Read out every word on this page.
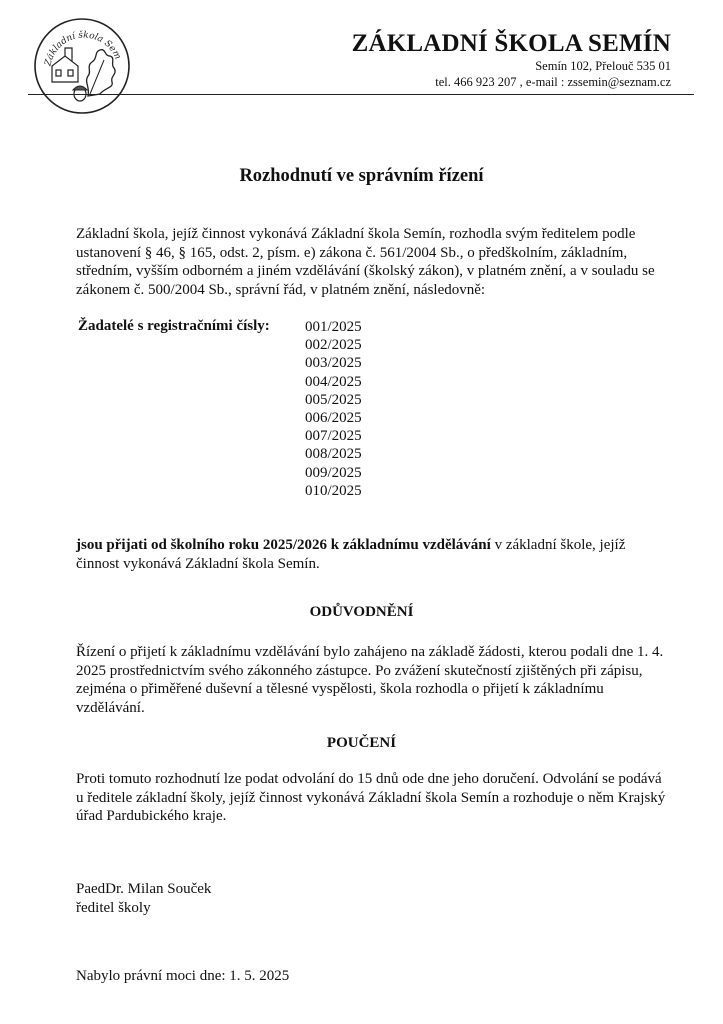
Základní škola Sem	ZÁKLADNÍ ŠKOLA SEMÍN
Semín 102, Přelouč 535 01
tel. 466 923 207 , e-mail : zssemin@seznam.cz
Rozhodnutí ve správním řízení
Základní škola, jejíž činnost vykonává Základní škola Semín, rozhodla svým ředitelem podle ustanovení § 46, § 165, odst. 2, písm. e) zákona č. 561/2004 Sb., o předškolním, základním, středním, vyšším odborném a jiném vzdělávání (školský zákon), v platném znění, a v souladu se zákonem č. 500/2004 Sb., správní řád, v platném znění, následovně:
Žadatelé s registračními čísly: 001/2025
002/2025
003/2025
004/2025
005/2025
006/2025
007/2025
008/2025
009/2025
010/2025
jsou přijati od školního roku 2025/2026 k základnímu vzdělávání v základní škole, jejíž činnost vykonává Základní škola Semín.
ODŮVODNĚNÍ
Řízení o přijetí k základnímu vzdělávání bylo zahájeno na základě žádosti, kterou podali dne 1. 4. 2025 prostřednictvím svého zákonného zástupce. Po zvážení skutečností zjištěných při zápisu, zejména o přiměřené duševní a tělesné vyspělosti, škola rozhodla o přijetí k základnímu vzdělávání.
POUČENÍ
Proti tomuto rozhodnutí lze podat odvolání do 15 dnů ode dne jeho doručení. Odvolání se podává u ředitele základní školy, jejíž činnost vykonává Základní škola Semín a rozhoduje o něm Krajský úřad Pardubického kraje.
PaedDr. Milan Souček
ředitel školy
Nabylo právní moci dne: 1. 5. 2025
